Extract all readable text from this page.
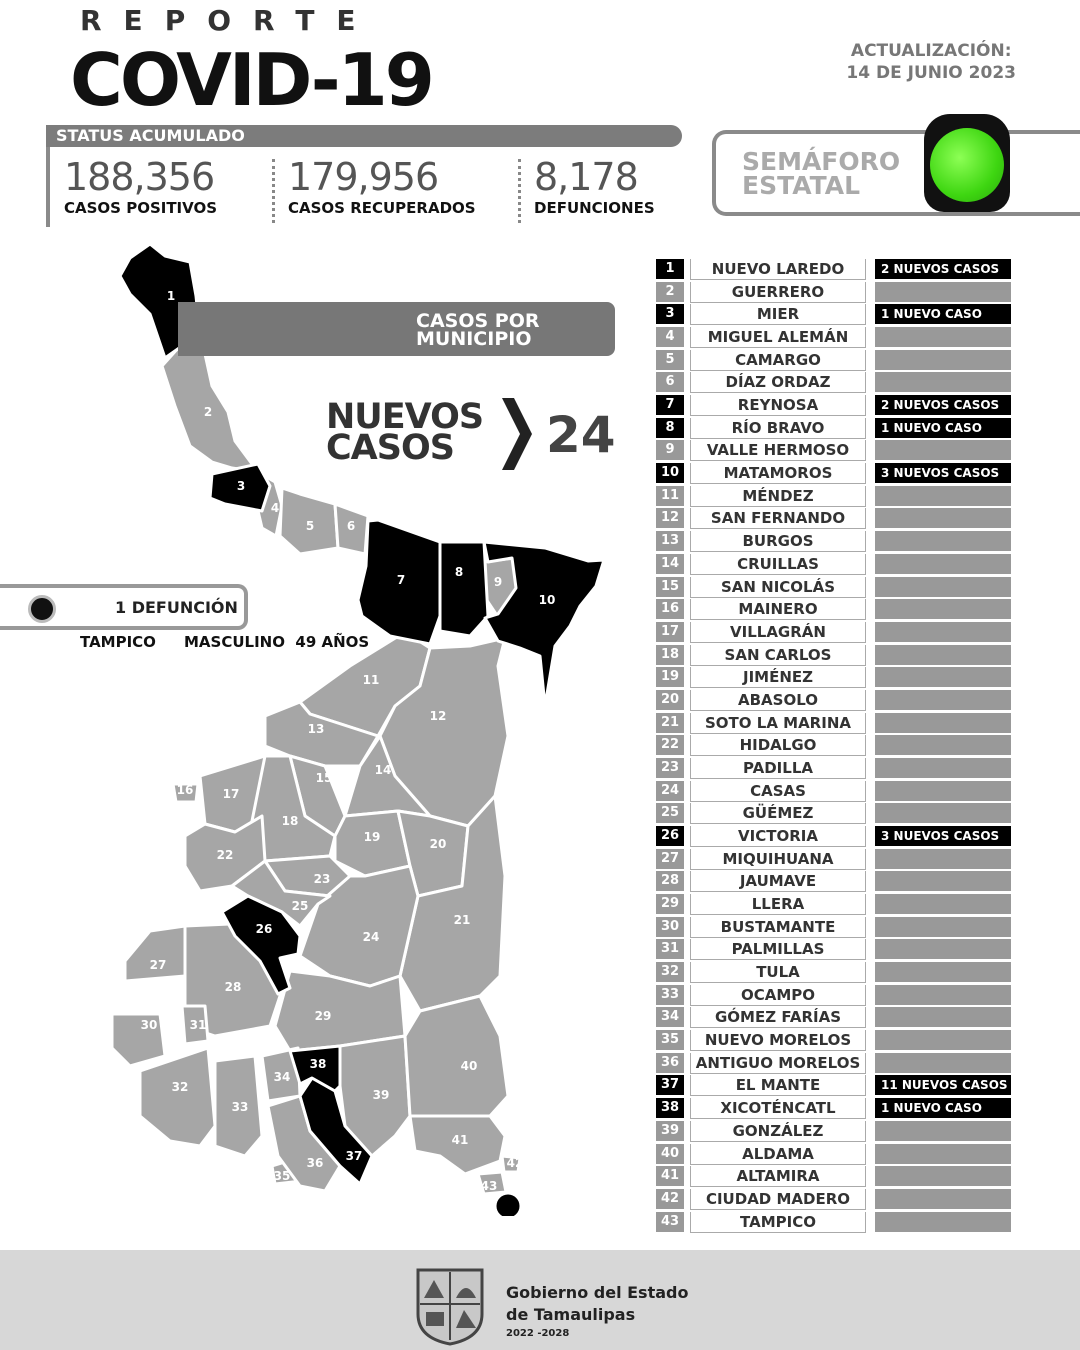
REPORTE
COVID-19	ACTUALIZACIÓN:
14 DE JUNIO 2023
STATUS ACUMULADO
188,356
CASOS POSITIVOS
179,956
CASOS RECUPERADOS
8,178
DEFUNCIONES
SEMÁFORO
ESTATAL
1
2
3
4
5	6
7
8
9
10
11
12
13
14
15
16 17
18
19	20
21
22
23
24
25
26
27
28
29
30	31
32
33
34
35
36 37
38
39
40
41
42
43
CASOS POR
MUNICIPIO
NUEVOS
CASOS	24
1 DEFUNCIÓN
TAMPICO MASCULINO  49 AÑOS
1	NUEVO LAREDO	2 NUEVOS CASOS
2	GUERRERO
3	MIER	1 NUEVO CASO
4	MIGUEL ALEMÁN
5	CAMARGO
6	DÍAZ ORDAZ
7	REYNOSA	2 NUEVOS CASOS
8	RÍO BRAVO	1 NUEVO CASO
9	VALLE HERMOSO
10	MATAMOROS	3 NUEVOS CASOS
11	MÉNDEZ
12	SAN FERNANDO
13	BURGOS
14	CRUILLAS
15	SAN NICOLÁS
16	MAINERO
17	VILLAGRÁN
18	SAN CARLOS
19	JIMÉNEZ
20	ABASOLO
21	SOTO LA MARINA
22	HIDALGO
23	PADILLA
24	CASAS
25	GÜÉMEZ
26	VICTORIA	3 NUEVOS CASOS
27	MIQUIHUANA
28	JAUMAVE
29	LLERA
30	BUSTAMANTE
31	PALMILLAS
32	TULA
33	OCAMPO
34	GÓMEZ FARÍAS
35	NUEVO MORELOS
36	ANTIGUO MORELOS
37	EL MANTE	11 NUEVOS CASOS
38	XICOTÉNCATL	1 NUEVO CASO
39	GONZÁLEZ
40	ALDAMA
41	ALTAMIRA
42	CIUDAD MADERO
43	TAMPICO
Gobierno del Estado
de Tamaulipas
2022 -2028
